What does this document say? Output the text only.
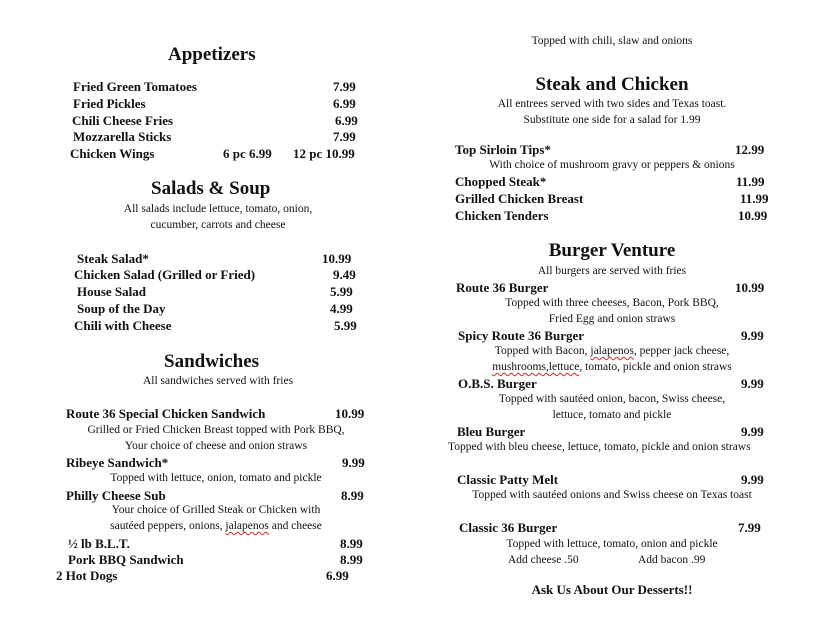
Appetizers
Fried Green Tomatoes	7.99
Fried Pickles	6.99
Chili Cheese Fries	6.99
Mozzarella Sticks	7.99
Chicken Wings	6 pc 6.99 12 pc 10.99
Salads & Soup
All salads include lettuce, tomato, onion,
cucumber, carrots and cheese
Steak Salad*	10.99
Chicken Salad (Grilled or Fried)	9.49
House Salad	5.99
Soup of the Day	4.99
Chili with Cheese	5.99
Sandwiches
All sandwiches served with fries
Route 36 Special Chicken Sandwich	10.99
Grilled or Fried Chicken Breast topped with Pork BBQ,
Your choice of cheese and onion straws
Ribeye Sandwich*	9.99
Topped with lettuce, onion, tomato and pickle
Philly Cheese Sub	8.99
Your choice of Grilled Steak or Chicken with
sautéed peppers, onions, jalapenos and cheese
½ lb B.L.T.	8.99
Pork BBQ Sandwich	8.99
2 Hot Dogs	6.99
Topped with chili, slaw and onions
Steak and Chicken
All entrees served with two sides and Texas toast.
Substitute one side for a salad for 1.99
Top Sirloin Tips*	12.99
With choice of mushroom gravy or peppers & onions
Chopped Steak*	11.99
Grilled Chicken Breast	11.99
Chicken Tenders	10.99
Burger Venture
All burgers are served with fries
Route 36 Burger	10.99
Topped with three cheeses, Bacon, Pork BBQ,
Fried Egg and onion straws
Spicy Route 36 Burger	9.99
Topped with Bacon, jalapenos, pepper jack cheese,
mushrooms,lettuce, tomato, pickle and onion straws
O.B.S. Burger	9.99
Topped with sautéed onion, bacon, Swiss cheese,
lettuce, tomato and pickle
Bleu Burger	9.99
Topped with bleu cheese, lettuce, tomato, pickle and onion straws
Classic Patty Melt	9.99
Topped with sautéed onions and Swiss cheese on Texas toast
Classic 36 Burger	7.99
Topped with lettuce, tomato, onion and pickle
Add cheese .50	Add bacon .99
Ask Us About Our Desserts!!
